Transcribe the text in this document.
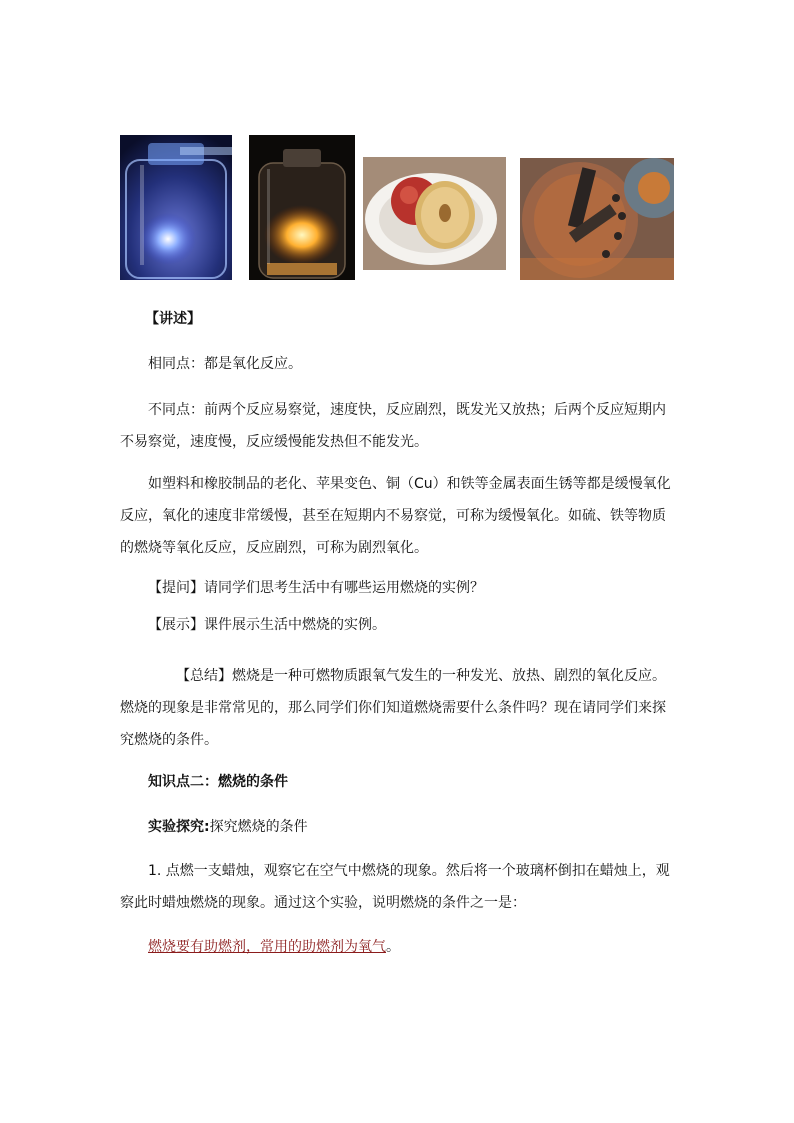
【讲述】
相同点：都是氧化反应。
不同点：前两个反应易察觉，速度快，反应剧烈，既发光又放热；后两个反应短期内不易察觉，速度慢，反应缓慢能发热但不能发光。
如塑料和橡胶制品的老化、苹果变色、铜（Cu）和铁等金属表面生锈等都是缓慢氧化反应，氧化的速度非常缓慢，甚至在短期内不易察觉，可称为缓慢氧化。如硫、铁等物质的燃烧等氧化反应，反应剧烈，可称为剧烈氧化。
【提问】请同学们思考生活中有哪些运用燃烧的实例？
【展示】课件展示生活中燃烧的实例。
【总结】燃烧是一种可燃物质跟氧气发生的一种发光、放热、剧烈的氧化反应。燃烧的现象是非常常见的，那么同学们你们知道燃烧需要什么条件吗？现在请同学们来探究燃烧的条件。
知识点二：燃烧的条件
实验探究:探究燃烧的条件
1. 点燃一支蜡烛，观察它在空气中燃烧的现象。然后将一个玻璃杯倒扣在蜡烛上，观察此时蜡烛燃烧的现象。通过这个实验，说明燃烧的条件之一是：
燃烧要有助燃剂，常用的助燃剂为氧气。
